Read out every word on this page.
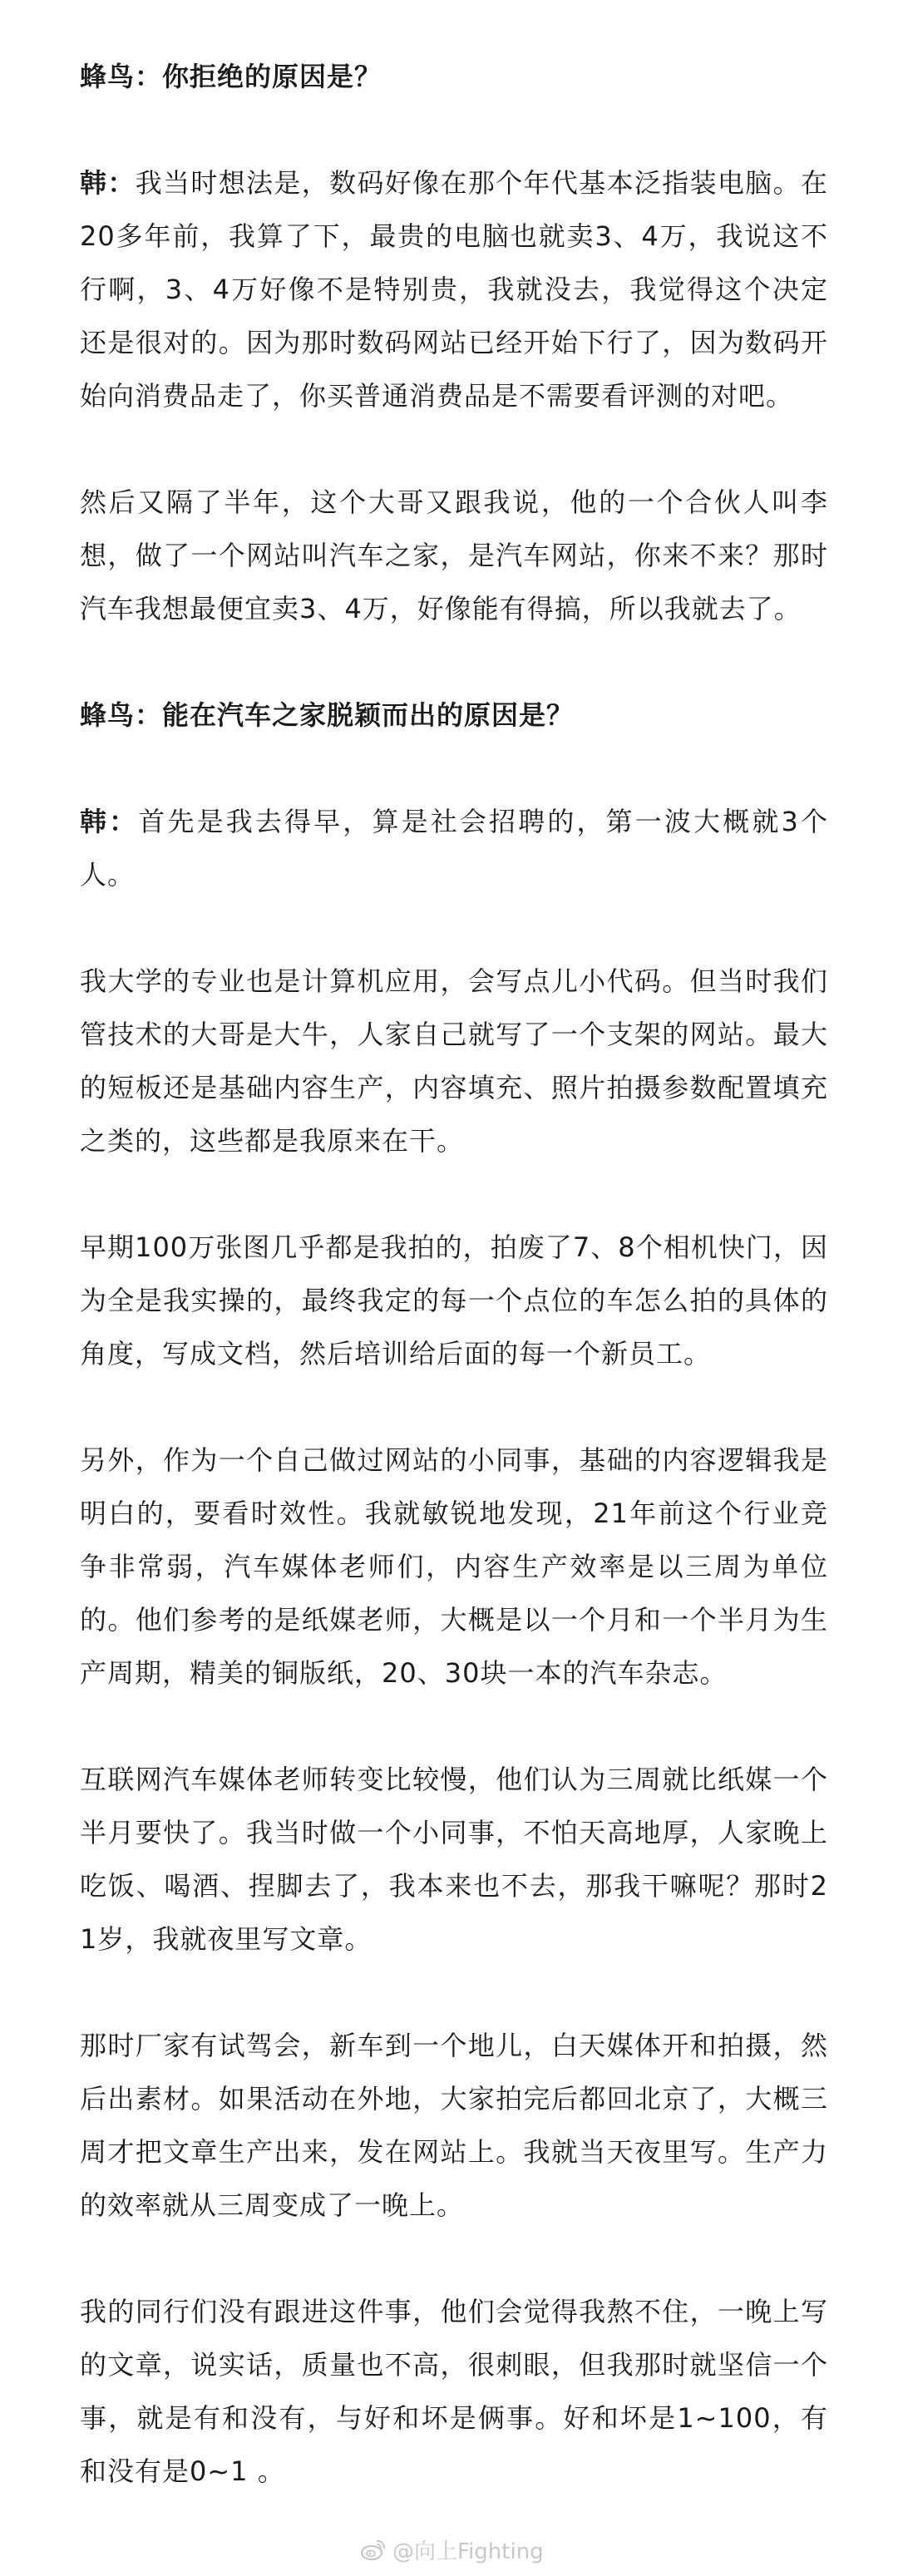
蜂鸟：你拒绝的原因是？

韩：我当时想法是，数码好像在那个年代基本泛指装电脑。在20多年前，我算了下，最贵的电脑也就卖3、4万，我说这不行啊，3、4万好像不是特别贵，我就没去，我觉得这个决定还是很对的。因为那时数码网站已经开始下行了，因为数码开始向消费品走了，你买普通消费品是不需要看评测的对吧。

然后又隔了半年，这个大哥又跟我说，他的一个合伙人叫李想，做了一个网站叫汽车之家，是汽车网站，你来不来？那时汽车我想最便宜卖3、4万，好像能有得搞，所以我就去了。

蜂鸟：能在汽车之家脱颖而出的原因是？

韩：首先是我去得早，算是社会招聘的，第一波大概就3个人。

我大学的专业也是计算机应用，会写点儿小代码。但当时我们管技术的大哥是大牛，人家自己就写了一个支架的网站。最大的短板还是基础内容生产，内容填充、照片拍摄参数配置填充之类的，这些都是我原来在干。

早期100万张图几乎都是我拍的，拍废了7、8个相机快门，因为全是我实操的，最终我定的每一个点位的车怎么拍的具体的角度，写成文档，然后培训给后面的每一个新员工。

另外，作为一个自己做过网站的小同事，基础的内容逻辑我是明白的，要看时效性。我就敏锐地发现，21年前这个行业竞争非常弱，汽车媒体老师们，内容生产效率是以三周为单位的。他们参考的是纸媒老师，大概是以一个月和一个半月为生产周期，精美的铜版纸，20、30块一本的汽车杂志。

互联网汽车媒体老师转变比较慢，他们认为三周就比纸媒一个半月要快了。我当时做一个小同事，不怕天高地厚，人家晚上吃饭、喝酒、捏脚去了，我本来也不去，那我干嘛呢？那时21岁，我就夜里写文章。

那时厂家有试驾会，新车到一个地儿，白天媒体开和拍摄，然后出素材。如果活动在外地，大家拍完后都回北京了，大概三周才把文章生产出来，发在网站上。我就当天夜里写。生产力的效率就从三周变成了一晚上。

我的同行们没有跟进这件事，他们会觉得我熬不住，一晚上写的文章，说实话，质量也不高，很刺眼，但我那时就坚信一个事，就是有和没有，与好和坏是俩事。好和坏是1~100，有和没有是0~1 。

@向上Fighting
